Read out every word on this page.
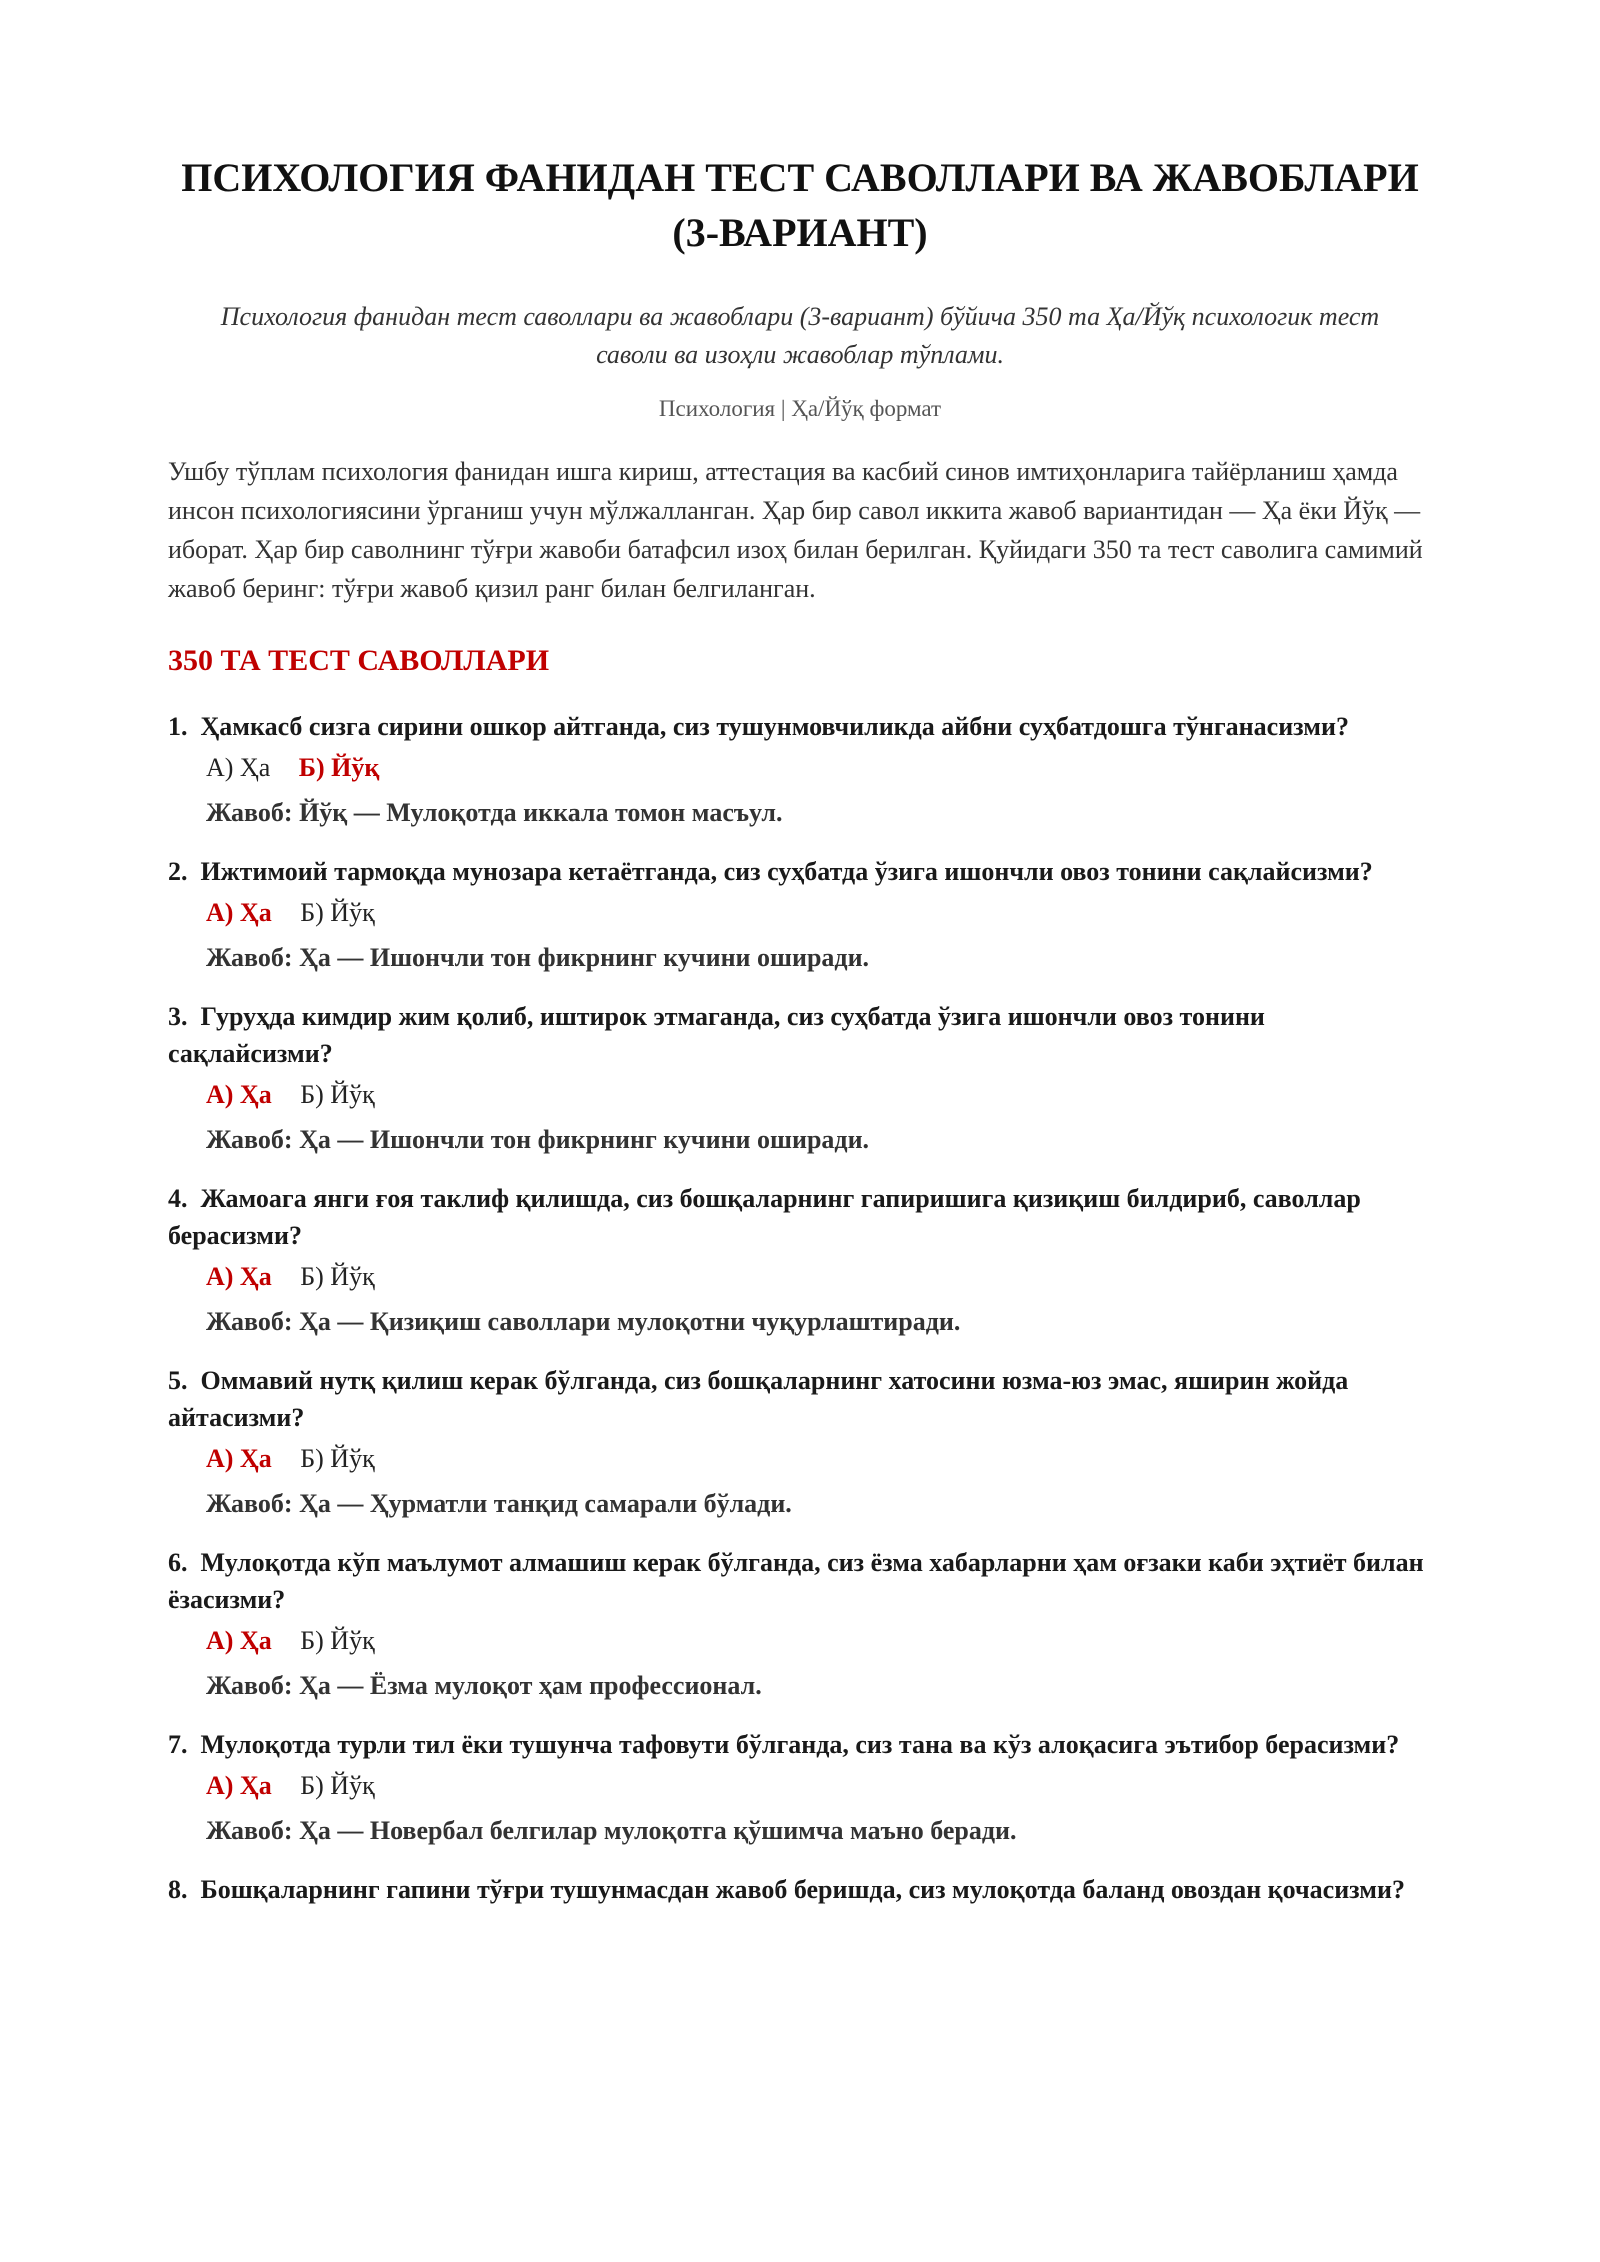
ПСИХОЛОГИЯ ФАНИДАН ТЕСТ САВОЛЛАРИ ВА ЖАВОБЛАРИ (3-ВАРИАНТ)
Психология фанидан тест саволлари ва жавоблари (3-вариант) бўйича 350 та Ҳа/Йўқ психологик тест саволи ва изоҳли жавоблар тўплами.
Психология | Ҳа/Йўқ формат
Ушбу тўплам психология фанидан ишга кириш, аттестация ва касбий синов имтиҳонларига тайёрланиш ҳамда инсон психологиясини ўрганиш учун мўлжалланган. Ҳар бир савол иккита жавоб вариантидан — Ҳа ёки Йўқ — иборат. Ҳар бир саволнинг тўғри жавоби батафсил изоҳ билан берилган. Қуйидаги 350 та тест саволига самимий жавоб беринг: тўғри жавоб қизил ранг билан белгиланган.
350 ТА ТЕСТ САВОЛЛАРИ
1. Ҳамкасб сизга сирини ошкор айтганда, сиз тушунмовчиликда айбни суҳбатдошга тўнганасизми?
А) Ҳа Б) Йўқ
Жавоб: Йўқ — Мулоқотда иккала томон масъул.
2. Ижтимоий тармоқда мунозара кетаётганда, сиз суҳбатда ўзига ишончли овоз тонини сақлайсизми?
А) Ҳа Б) Йўқ
Жавоб: Ҳа — Ишончли тон фикрнинг кучини оширади.
3. Гуруҳда кимдир жим қолиб, иштирок этмаганда, сиз суҳбатда ўзига ишончли овоз тонини сақлайсизми?
А) Ҳа Б) Йўқ
Жавоб: Ҳа — Ишончли тон фикрнинг кучини оширади.
4. Жамоага янги ғоя таклиф қилишда, сиз бошқаларнинг гапиришига қизиқиш билдириб, саволлар берасизми?
А) Ҳа Б) Йўқ
Жавоб: Ҳа — Қизиқиш саволлари мулоқотни чуқурлаштиради.
5. Оммавий нутқ қилиш керак бўлганда, сиз бошқаларнинг хатосини юзма-юз эмас, яширин жойда айтасизми?
А) Ҳа Б) Йўқ
Жавоб: Ҳа — Ҳурматли танқид самарали бўлади.
6. Мулоқотда кўп маълумот алмашиш керак бўлганда, сиз ёзма хабарларни ҳам оғзаки каби эҳтиёт билан ёзасизми?
А) Ҳа Б) Йўқ
Жавоб: Ҳа — Ёзма мулоқот ҳам профессионал.
7. Мулоқотда турли тил ёки тушунча тафовути бўлганда, сиз тана ва кўз алоқасига эътибор берасизми?
А) Ҳа Б) Йўқ
Жавоб: Ҳа — Новербал белгилар мулоқотга қўшимча маъно беради.
8. Бошқаларнинг гапини тўғри тушунмасдан жавоб беришда, сиз мулоқотда баланд овоздан қочасизми?
